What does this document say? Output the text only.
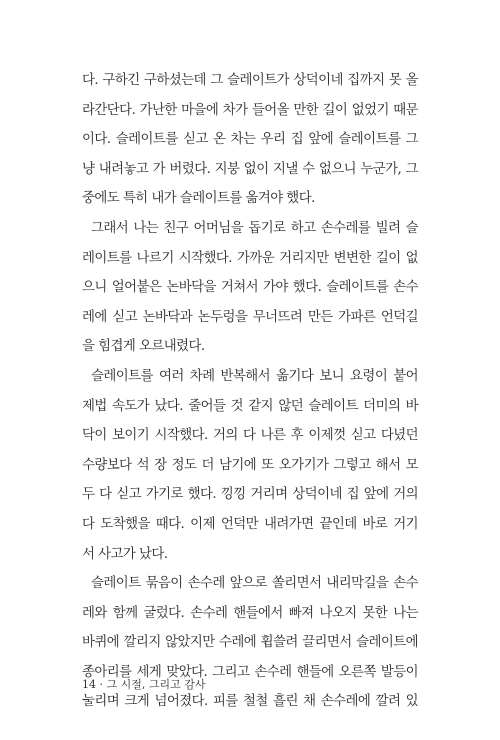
다. 구하긴 구하셨는데 그 슬레이트가 상덕이네 집까지 못 올
라간단다. 가난한 마을에 차가 들어올 만한 길이 없었기 때문
이다. 슬레이트를 싣고 온 차는 우리 집 앞에 슬레이트를 그
냥 내려놓고 가 버렸다. 지붕 없이 지낼 수 없으니 누군가, 그
중에도 특히 내가 슬레이트를 옮겨야 했다.
그래서 나는 친구 어머님을 돕기로 하고 손수레를 빌려 슬
레이트를 나르기 시작했다. 가까운 거리지만 변변한 길이 없
으니 얼어붙은 논바닥을 거쳐서 가야 했다. 슬레이트를 손수
레에 싣고 논바닥과 논두렁을 무너뜨려 만든 가파른 언덕길
을 힘겹게 오르내렸다.
슬레이트를 여러 차례 반복해서 옮기다 보니 요령이 붙어
제법 속도가 났다. 줄어들 것 같지 않던 슬레이트 더미의 바
닥이 보이기 시작했다. 거의 다 나른 후 이제껏 싣고 다녔던
수량보다 석 장 정도 더 남기에 또 오가기가 그렇고 해서 모
두 다 싣고 가기로 했다. 낑낑 거리며 상덕이네 집 앞에 거의
다 도착했을 때다. 이제 언덕만 내려가면 끝인데 바로 거기
서 사고가 났다.
슬레이트 묶음이 손수레 앞으로 쏠리면서 내리막길을 손수
레와 함께 굴렀다. 손수레 핸들에서 빠져 나오지 못한 나는
바퀴에 깔리지 않았지만 수레에 휩쓸려 끌리면서 슬레이트에
종아리를 세게 맞았다. 그리고 손수레 핸들에 오른쪽 발등이
눌리며 크게 넘어졌다. 피를 철철 흘린 채 손수레에 깔려 있
14 · 그 시절, 그리고 감사
